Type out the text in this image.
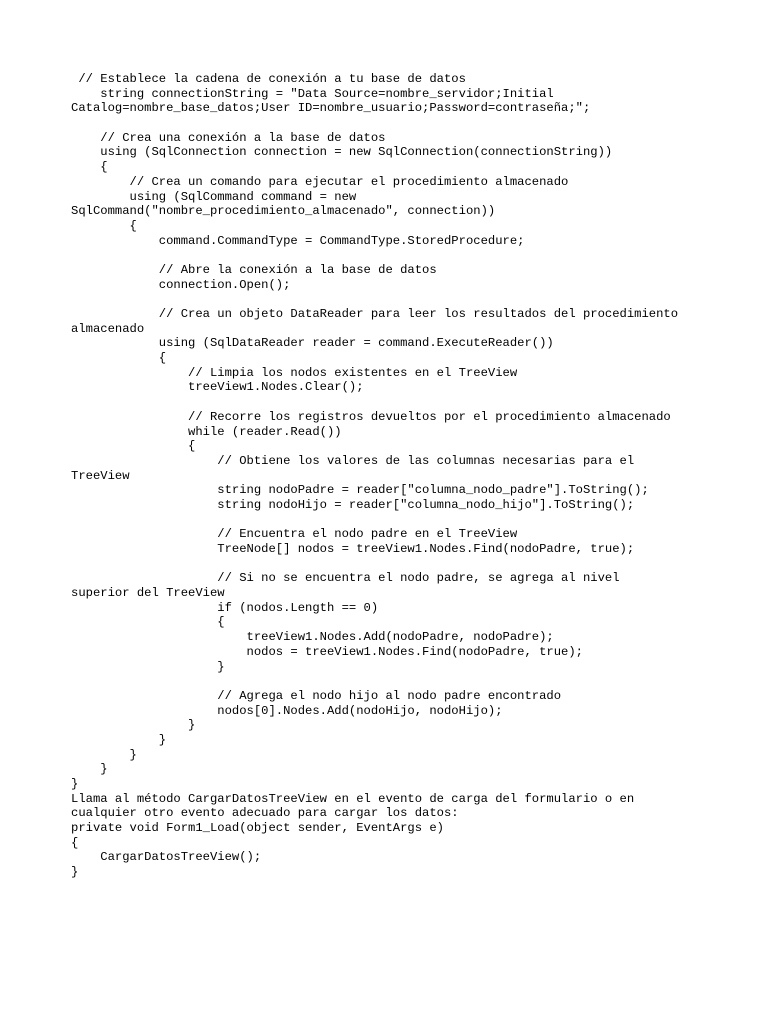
// Establece la cadena de conexión a tu base de datos
string connectionString = "Data Source=nombre_servidor;Initial
Catalog=nombre_base_datos;User ID=nombre_usuario;Password=contraseña;";
// Crea una conexión a la base de datos
using (SqlConnection connection = new SqlConnection(connectionString))
{
// Crea un comando para ejecutar el procedimiento almacenado
using (SqlCommand command = new
SqlCommand("nombre_procedimiento_almacenado", connection))
{
command.CommandType = CommandType.StoredProcedure;
// Abre la conexión a la base de datos
connection.Open();
// Crea un objeto DataReader para leer los resultados del procedimiento
almacenado
using (SqlDataReader reader = command.ExecuteReader())
{
// Limpia los nodos existentes en el TreeView
treeView1.Nodes.Clear();
// Recorre los registros devueltos por el procedimiento almacenado
while (reader.Read())
{
// Obtiene los valores de las columnas necesarias para el
TreeView
string nodoPadre = reader["columna_nodo_padre"].ToString();
string nodoHijo = reader["columna_nodo_hijo"].ToString();
// Encuentra el nodo padre en el TreeView
TreeNode[] nodos = treeView1.Nodes.Find(nodoPadre, true);
// Si no se encuentra el nodo padre, se agrega al nivel
superior del TreeView
if (nodos.Length == 0)
{
treeView1.Nodes.Add(nodoPadre, nodoPadre);
nodos = treeView1.Nodes.Find(nodoPadre, true);
}
// Agrega el nodo hijo al nodo padre encontrado
nodos[0].Nodes.Add(nodoHijo, nodoHijo);
}
}
}
}
}
Llama al método CargarDatosTreeView en el evento de carga del formulario o en
cualquier otro evento adecuado para cargar los datos:
private void Form1_Load(object sender, EventArgs e)
{
CargarDatosTreeView();
}
